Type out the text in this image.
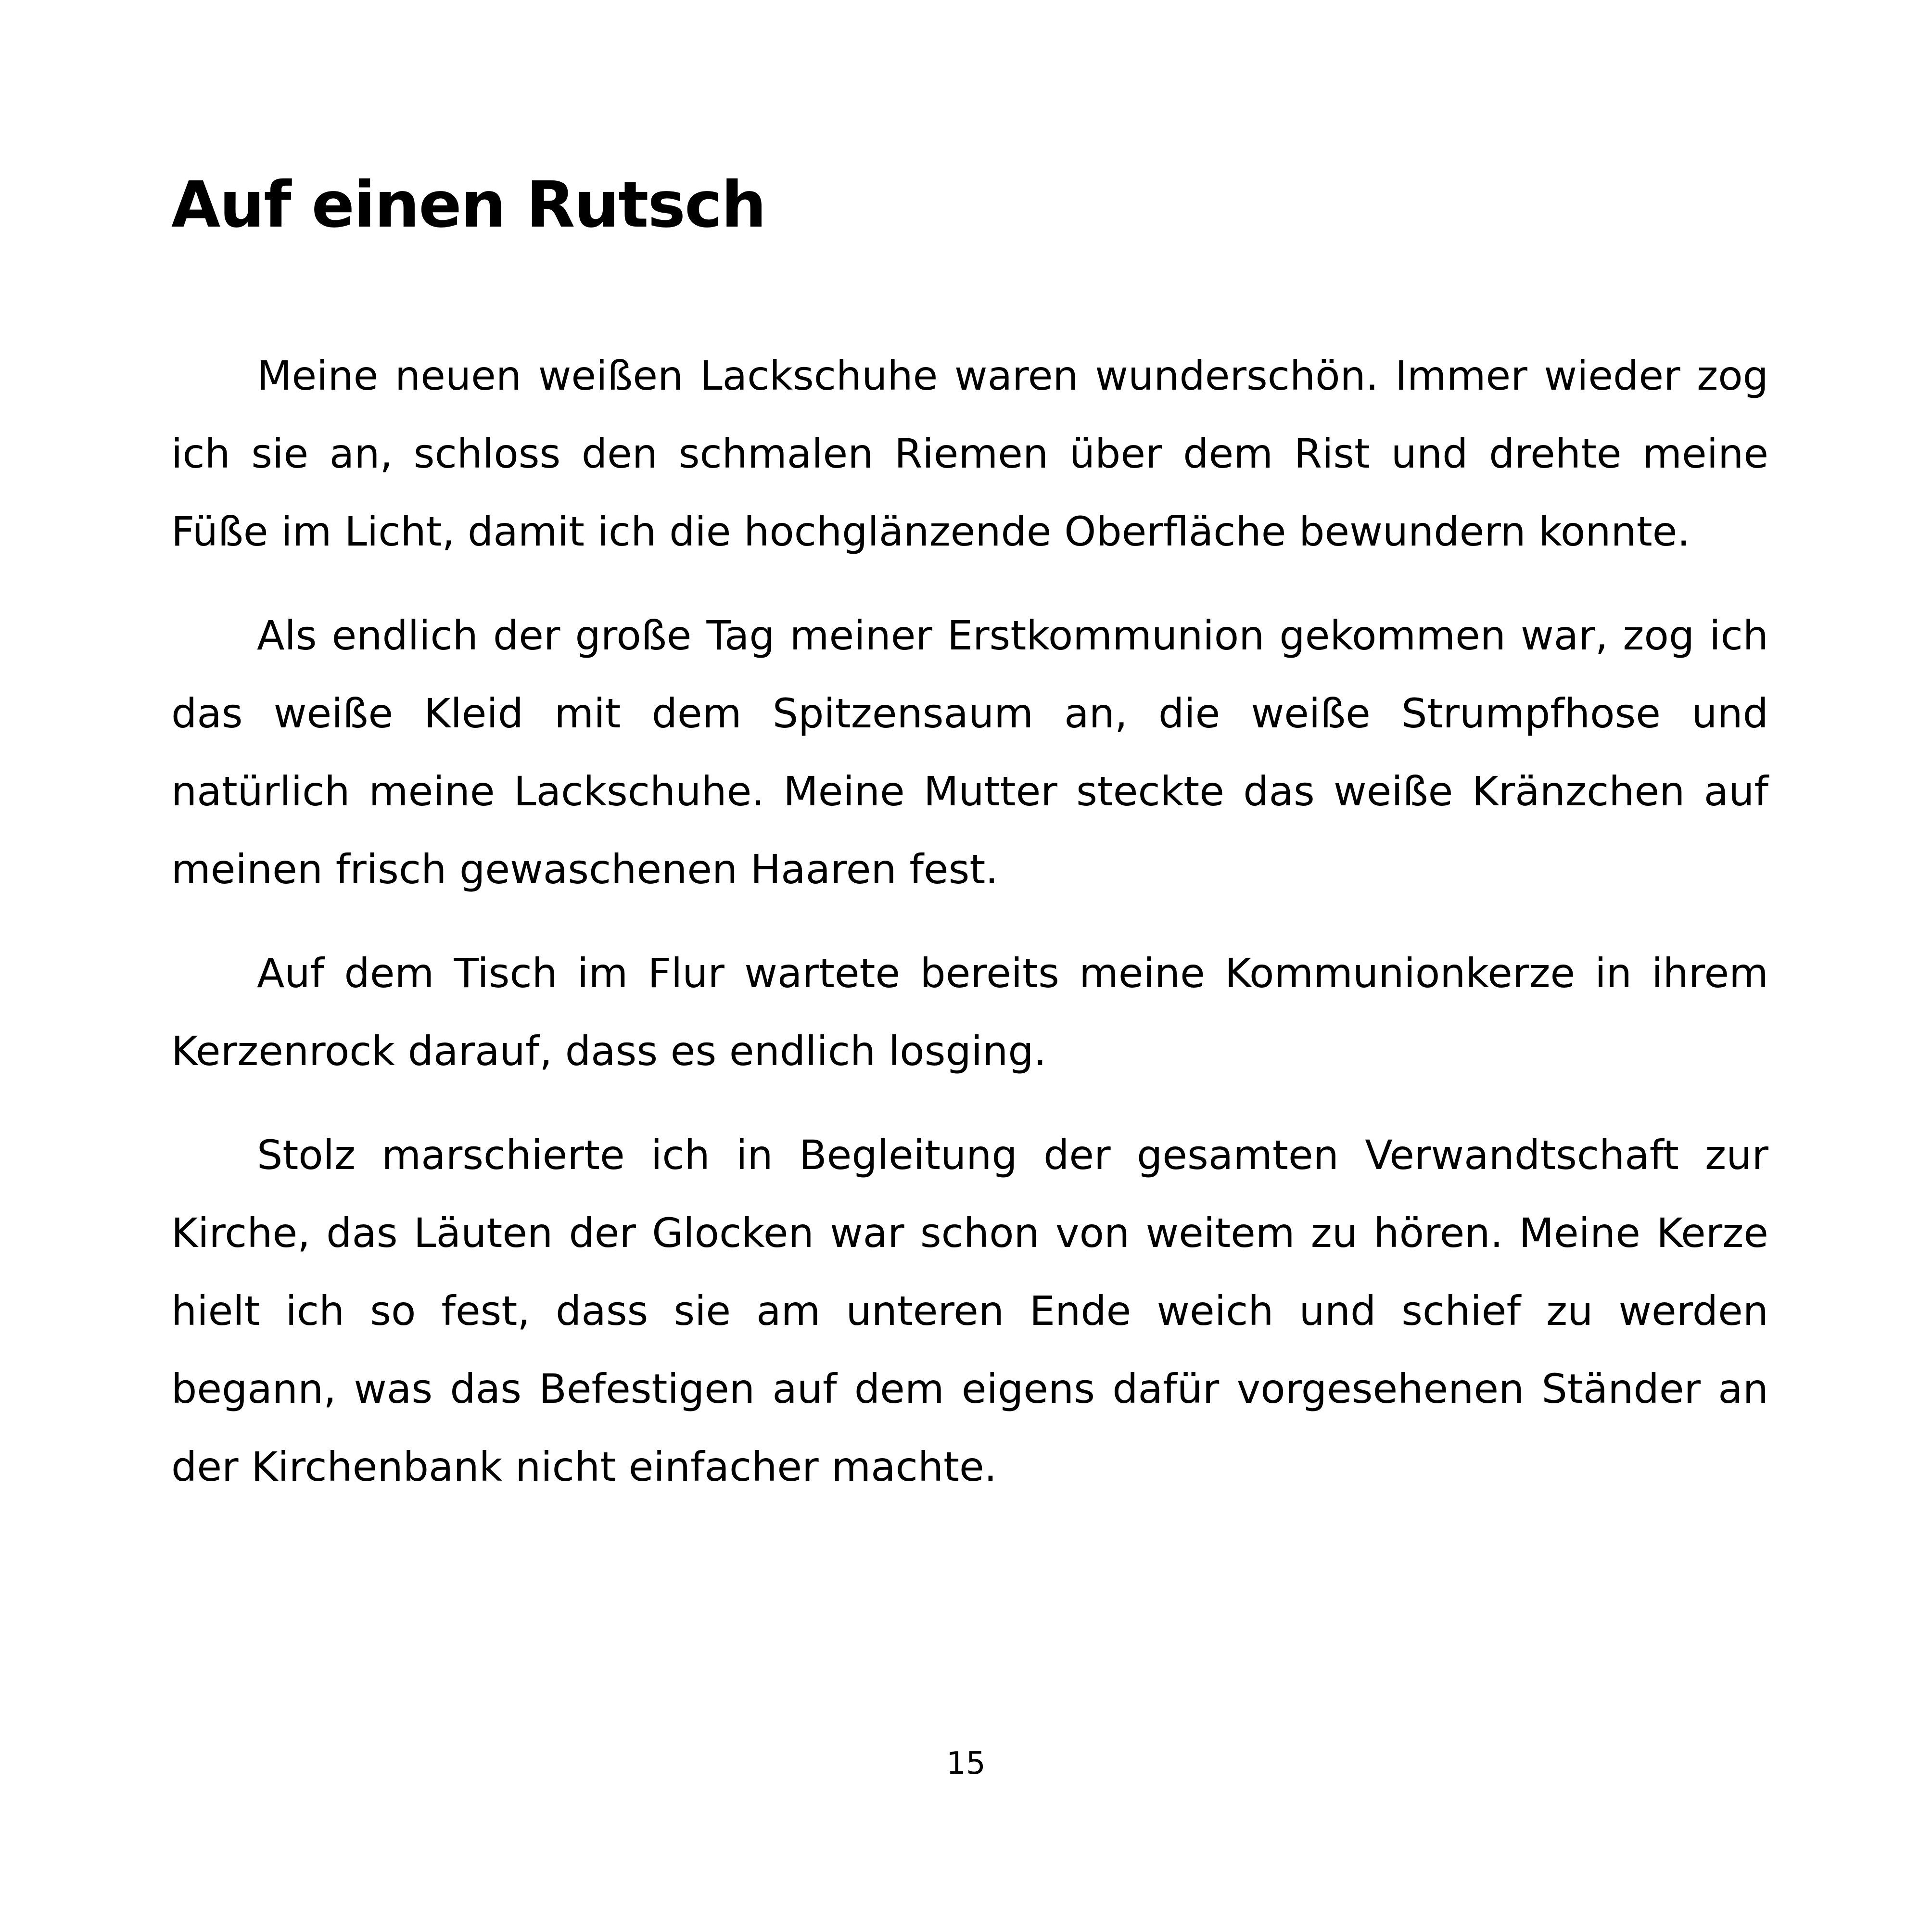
Auf einen Rutsch

Meine neuen weißen Lackschuhe waren wunderschön. Immer wieder zog ich sie an, schloss den schmalen Riemen über dem Rist und drehte meine Füße im Licht, damit ich die hochglänzende Oberfläche bewundern konnte.

Als endlich der große Tag meiner Erstkommunion gekommen war, zog ich das weiße Kleid mit dem Spitzensaum an, die weiße Strumpfhose und natürlich meine Lackschuhe. Meine Mutter steckte das weiße Kränzchen auf meinen frisch gewaschenen Haaren fest.

Auf dem Tisch im Flur wartete bereits meine Kommunionkerze in ihrem Kerzenrock darauf, dass es endlich losging.

Stolz marschierte ich in Begleitung der gesamten Verwandtschaft zur Kirche, das Läuten der Glocken war schon von weitem zu hören. Meine Kerze hielt ich so fest, dass sie am unteren Ende weich und schief zu werden begann, was das Befestigen auf dem eigens dafür vorgesehenen Ständer an der Kirchenbank nicht einfacher machte.

15
